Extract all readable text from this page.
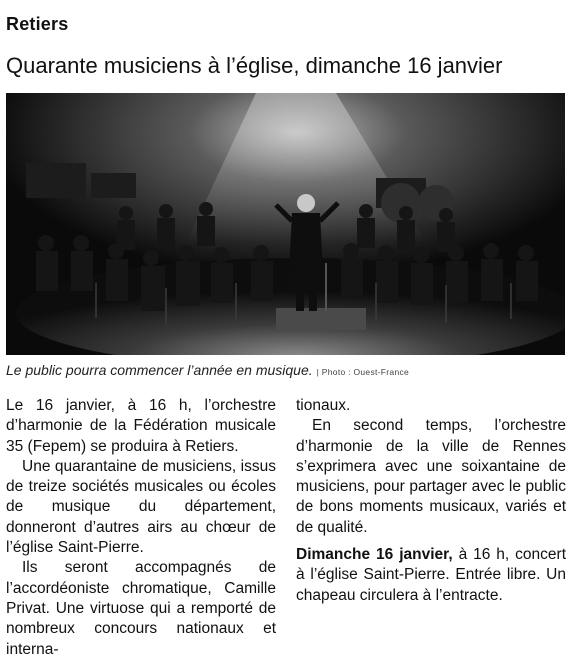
Retiers
Quarante musiciens à l’église, dimanche 16 janvier
Le public pourra commencer l’année en musique. | Photo : Ouest-France

Le 16 janvier, à 16 h, l’orchestre d’harmonie de la Fédération musicale 35 (Fepem) se produira à Retiers.

Une quarantaine de musiciens, issus de treize sociétés musicales ou écoles de musique du département, donneront d’autres airs au chœur de l’église Saint-Pierre.

Ils seront accompagnés de l’accordéoniste chromatique, Camille Privat. Une virtuose qui a remporté de nombreux concours nationaux et interna-

tionaux.

En second temps, l’orchestre d’harmonie de la ville de Rennes s’exprimera avec une soixantaine de musiciens, pour partager avec le public de bons moments musicaux, variés et de qualité.

Dimanche 16 janvier, à 16 h, concert à l’église Saint-Pierre. Entrée libre. Un chapeau circulera à l’entracte.
